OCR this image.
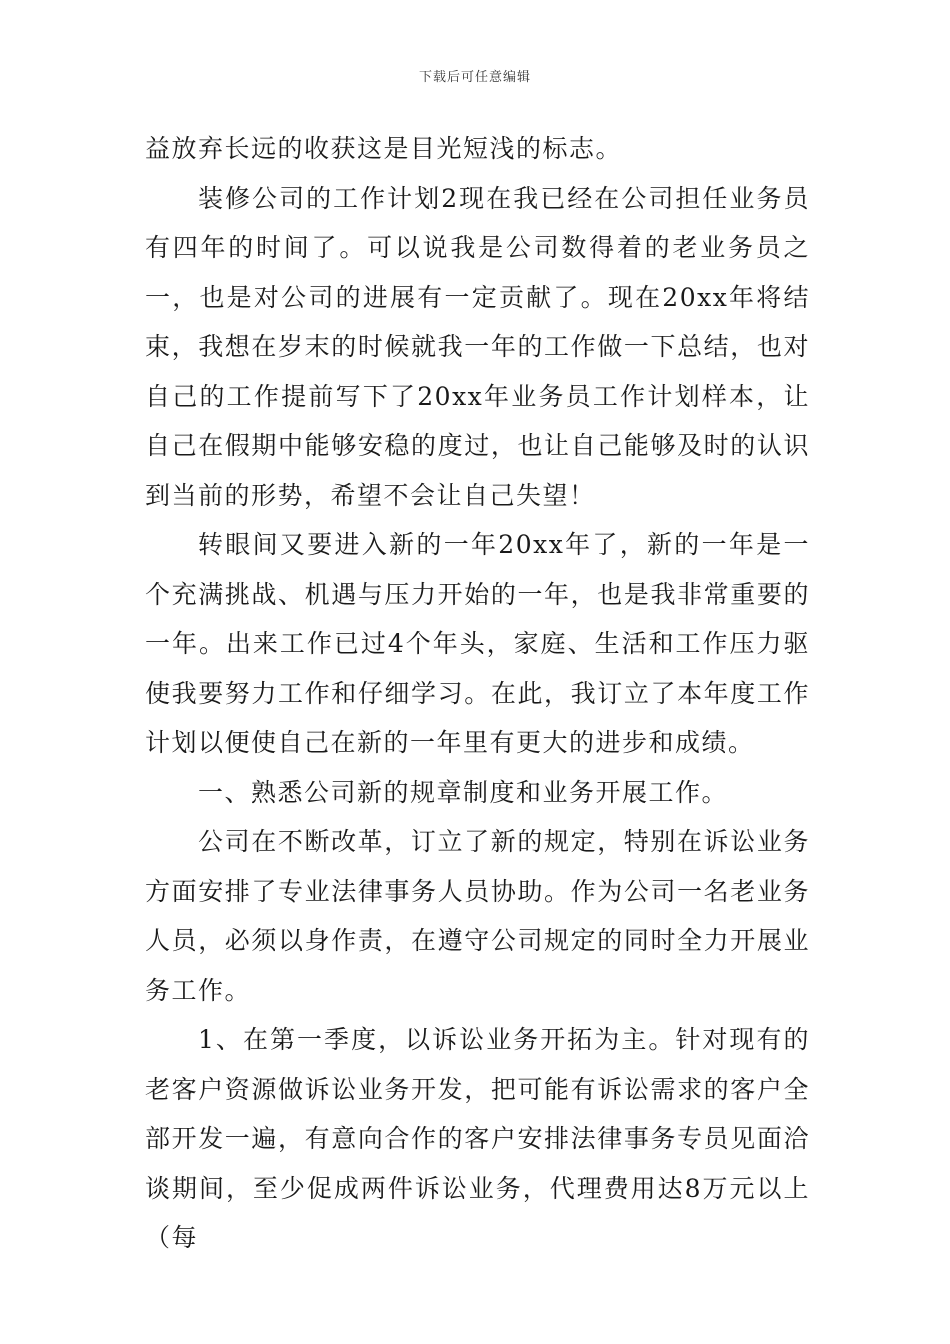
下载后可任意编辑

益放弃长远的收获这是目光短浅的标志。

装修公司的工作计划2现在我已经在公司担任业务员有四年的时间了。可以说我是公司数得着的老业务员之一，也是对公司的进展有一定贡献了。现在20xx年将结束，我想在岁末的时候就我一年的工作做一下总结，也对自己的工作提前写下了20xx年业务员工作计划样本，让自己在假期中能够安稳的度过，也让自己能够及时的认识到当前的形势，希望不会让自己失望！

转眼间又要进入新的一年20xx年了，新的一年是一个充满挑战、机遇与压力开始的一年，也是我非常重要的一年。出来工作已过4个年头，家庭、生活和工作压力驱使我要努力工作和仔细学习。在此，我订立了本年度工作计划以便使自己在新的一年里有更大的进步和成绩。

一、熟悉公司新的规章制度和业务开展工作。

公司在不断改革，订立了新的规定，特别在诉讼业务方面安排了专业法律事务人员协助。作为公司一名老业务人员，必须以身作责，在遵守公司规定的同时全力开展业务工作。

1、在第一季度，以诉讼业务开拓为主。针对现有的老客户资源做诉讼业务开发，把可能有诉讼需求的客户全部开发一遍，有意向合作的客户安排法律事务专员见面洽谈期间，至少促成两件诉讼业务，代理费用达8万元以上（每
